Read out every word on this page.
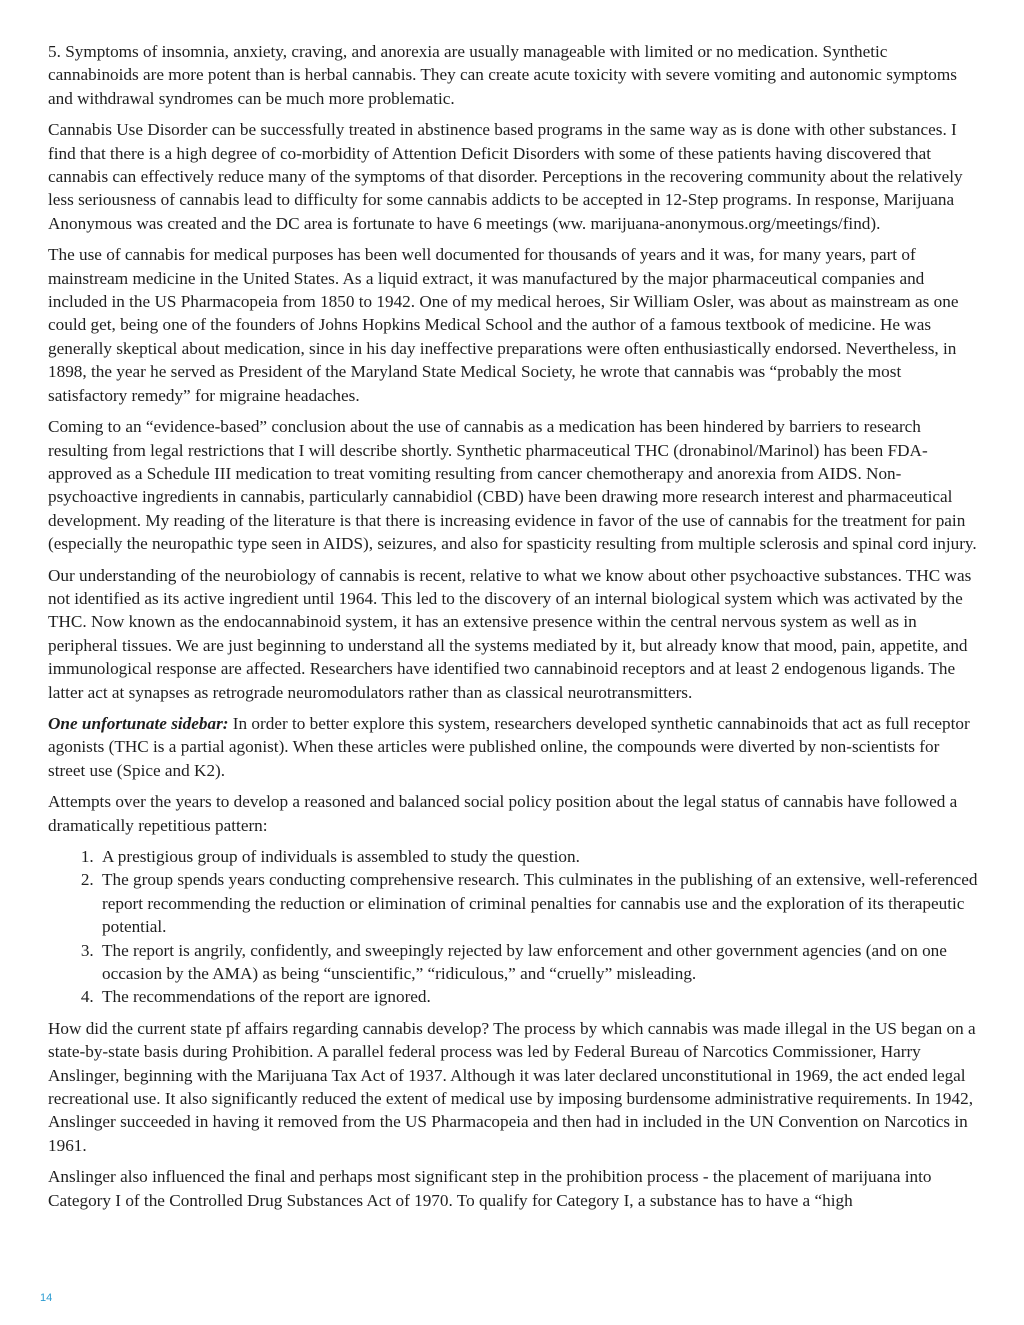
5. Symptoms of insomnia, anxiety, craving, and anorexia are usually manageable with limited or no medication. Synthetic cannabinoids are more potent than is herbal cannabis. They can create acute toxicity with severe vomiting and autonomic symptoms and withdrawal syndromes can be much more problematic.

Cannabis Use Disorder can be successfully treated in abstinence based programs in the same way as is done with other substances. I find that there is a high degree of co-morbidity of Attention Deficit Disorders with some of these patients having discovered that cannabis can effectively reduce many of the symptoms of that disorder. Perceptions in the recovering community about the relatively less seriousness of cannabis lead to difficulty for some cannabis addicts to be accepted in 12-Step programs. In response, Marijuana Anonymous was created and the DC area is fortunate to have 6 meetings (ww. marijuana-anonymous.org/meetings/find).

The use of cannabis for medical purposes has been well documented for thousands of years and it was, for many years, part of mainstream medicine in the United States. As a liquid extract, it was manufactured by the major pharmaceutical companies and included in the US Pharmacopeia from 1850 to 1942. One of my medical heroes, Sir William Osler, was about as mainstream as one could get, being one of the founders of Johns Hopkins Medical School and the author of a famous textbook of medicine. He was generally skeptical about medication, since in his day ineffective preparations were often enthusiastically endorsed. Nevertheless, in 1898, the year he served as President of the Maryland State Medical Society, he wrote that cannabis was “probably the most satisfactory remedy” for migraine headaches.

Coming to an “evidence-based” conclusion about the use of cannabis as a medication has been hindered by barriers to research resulting from legal restrictions that I will describe shortly. Synthetic pharmaceutical THC (dronabinol/Marinol) has been FDA-approved as a Schedule III medication to treat vomiting resulting from cancer chemotherapy and anorexia from AIDS. Non-psychoactive ingredients in cannabis, particularly cannabidiol (CBD) have been drawing more research interest and pharmaceutical development. My reading of the literature is that there is increasing evidence in favor of the use of cannabis for the treatment for pain (especially the neuropathic type seen in AIDS), seizures, and also for spasticity resulting from multiple sclerosis and spinal cord injury.

Our understanding of the neurobiology of cannabis is recent, relative to what we know about other psychoactive substances. THC was not identified as its active ingredient until 1964. This led to the discovery of an internal biological system which was activated by the THC. Now known as the endocannabinoid system, it has an extensive presence within the central nervous system as well as in peripheral tissues. We are just beginning to understand all the systems mediated by it, but already know that mood, pain, appetite, and immunological response are affected. Researchers have identified two cannabinoid receptors and at least 2 endogenous ligands. The latter act at synapses as retrograde neuromodulators rather than as classical neurotransmitters.

One unfortunate sidebar: In order to better explore this system, researchers developed synthetic cannabinoids that act as full receptor agonists (THC is a partial agonist). When these articles were published online, the compounds were diverted by non-scientists for street use (Spice and K2).

Attempts over the years to develop a reasoned and balanced social policy position about the legal status of cannabis have followed a dramatically repetitious pattern:

1. A prestigious group of individuals is assembled to study the question.
2. The group spends years conducting comprehensive research. This culminates in the publishing of an extensive, well-referenced report recommending the reduction or elimination of criminal penalties for cannabis use and the exploration of its therapeutic potential.
3. The report is angrily, confidently, and sweepingly rejected by law enforcement and other government agencies (and on one occasion by the AMA) as being “unscientific,” “ridiculous,” and “cruelly” misleading.
4. The recommendations of the report are ignored.

How did the current state pf affairs regarding cannabis develop? The process by which cannabis was made illegal in the US began on a state-by-state basis during Prohibition. A parallel federal process was led by Federal Bureau of Narcotics Commissioner, Harry Anslinger, beginning with the Marijuana Tax Act of 1937. Although it was later declared unconstitutional in 1969, the act ended legal recreational use. It also significantly reduced the extent of medical use by imposing burdensome administrative requirements. In 1942, Anslinger succeeded in having it removed from the US Pharmacopeia and then had in included in the UN Convention on Narcotics in 1961.

Anslinger also influenced the final and perhaps most significant step in the prohibition process - the placement of marijuana into Category I of the Controlled Drug Substances Act of 1970. To qualify for Category I, a substance has to have a “high

14
